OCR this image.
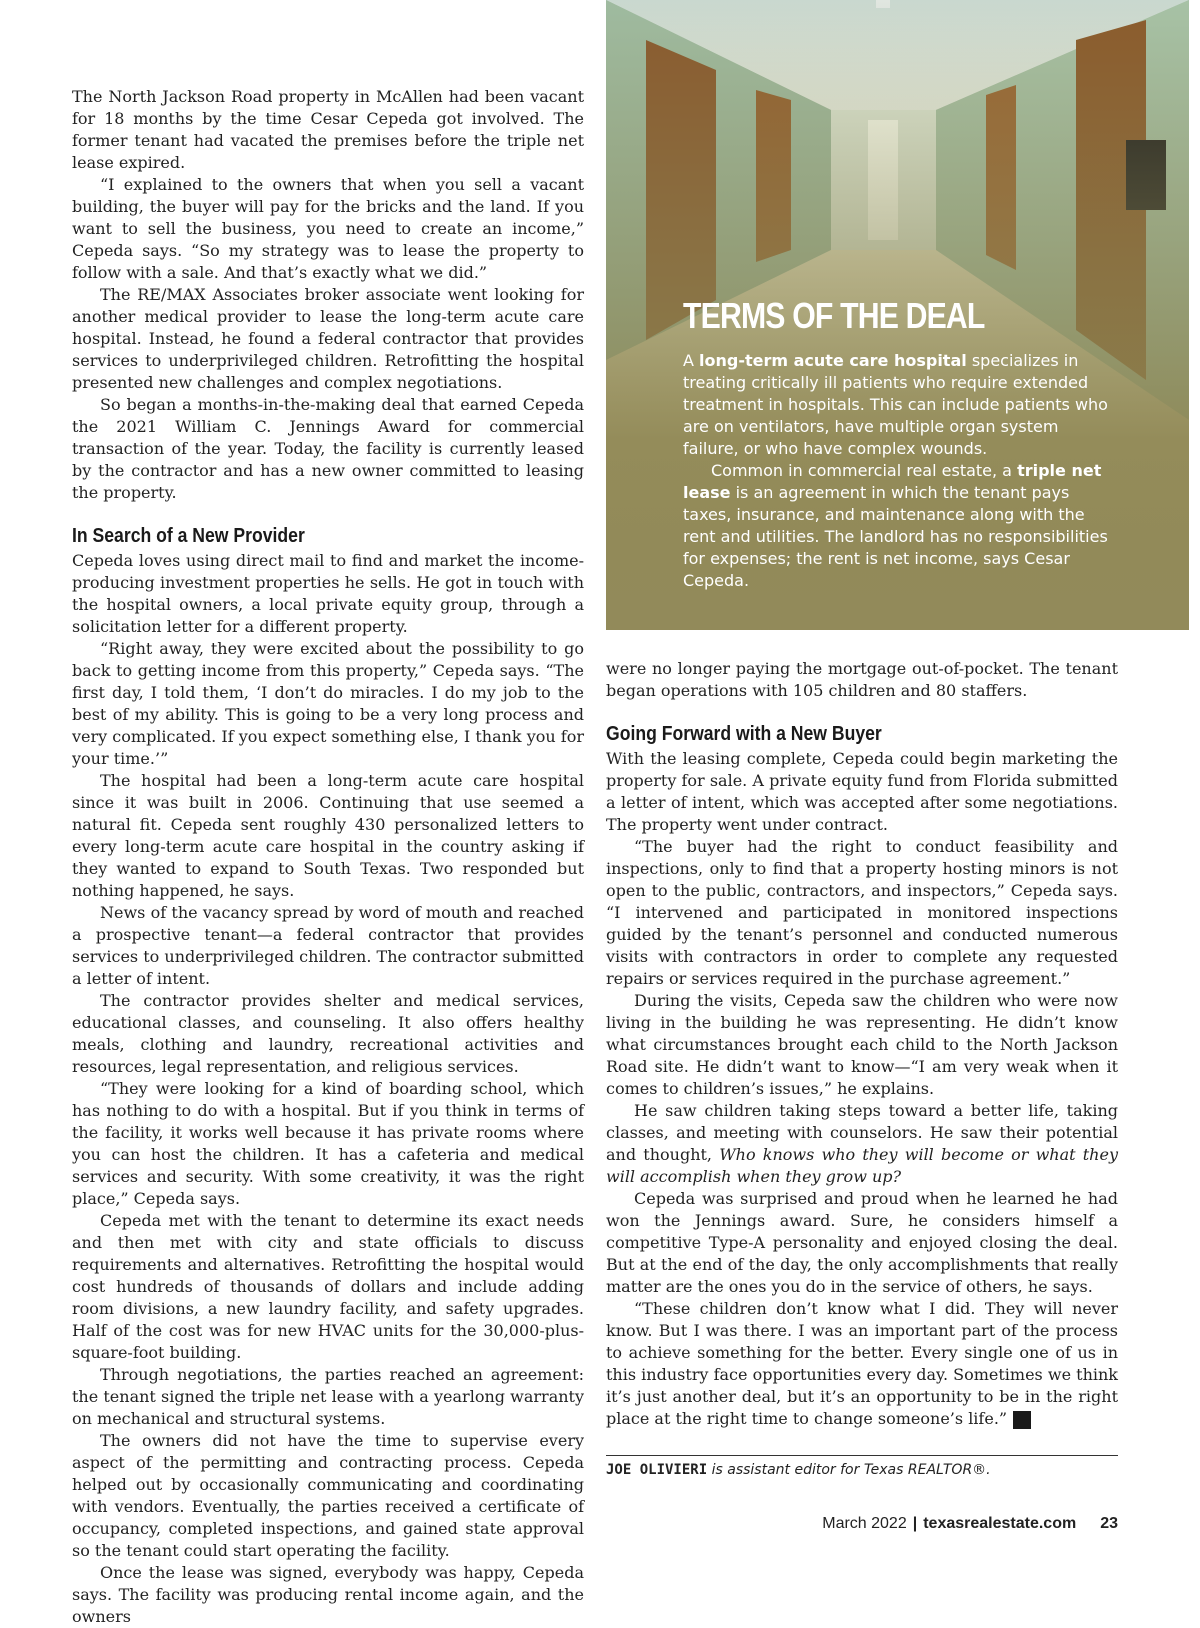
TERMS OF THE DEAL

A long-term acute care hospital specializes in treating critically ill patients who require extended treatment in hospitals. This can include patients who are on ventilators, have multiple organ system failure, or who have complex wounds.

Common in commercial real estate, a triple net lease is an agreement in which the tenant pays taxes, insurance, and maintenance along with the rent and utilities. The landlord has no responsibilities for expenses; the rent is net income, says Cesar Cepeda.

The North Jackson Road property in McAllen had been vacant for 18 months by the time Cesar Cepeda got involved. The former tenant had vacated the premises before the triple net lease expired.

“I explained to the owners that when you sell a vacant building, the buyer will pay for the bricks and the land. If you want to sell the business, you need to create an income,” Cepeda says. “So my strategy was to lease the property to follow with a sale. And that’s exactly what we did.”

The RE/MAX Associates broker associate went looking for another medical provider to lease the long-term acute care hospital. Instead, he found a federal contractor that provides services to underprivileged children. Retrofitting the hospital presented new challenges and complex negotiations.

So began a months-in-the-making deal that earned Cepeda the 2021 William C. Jennings Award for commercial transaction of the year. Today, the facility is currently leased by the contractor and has a new owner committed to leasing the property.

In Search of a New Provider

Cepeda loves using direct mail to find and market the income-producing investment properties he sells. He got in touch with the hospital owners, a local private equity group, through a solicitation letter for a different property.

“Right away, they were excited about the possibility to go back to getting income from this property,” Cepeda says. “The first day, I told them, ‘I don’t do miracles. I do my job to the best of my ability. This is going to be a very long process and very complicated. If you expect something else, I thank you for your time.’”

The hospital had been a long-term acute care hospital since it was built in 2006. Continuing that use seemed a natural fit. Cepeda sent roughly 430 personalized letters to every long-term acute care hospital in the country asking if they wanted to expand to South Texas. Two responded but nothing happened, he says.

News of the vacancy spread by word of mouth and reached a prospective tenant—a federal contractor that provides services to underprivileged children. The contractor submitted a letter of intent.

The contractor provides shelter and medical services, educational classes, and counseling. It also offers healthy meals, clothing and laundry, recreational activities and resources, legal representation, and religious services.

“They were looking for a kind of boarding school, which has nothing to do with a hospital. But if you think in terms of the facility, it works well because it has private rooms where you can host the children. It has a cafeteria and medical services and security. With some creativity, it was the right place,” Cepeda says.

Cepeda met with the tenant to determine its exact needs and then met with city and state officials to discuss requirements and alternatives. Retrofitting the hospital would cost hundreds of thousands of dollars and include adding room divisions, a new laundry facility, and safety upgrades. Half of the cost was for new HVAC units for the 30,000-plus-square-foot building.

Through negotiations, the parties reached an agreement: the tenant signed the triple net lease with a yearlong warranty on mechanical and structural systems.

The owners did not have the time to supervise every aspect of the permitting and contracting process. Cepeda helped out by occasionally communicating and coordinating with vendors. Eventually, the parties received a certificate of occupancy, completed inspections, and gained state approval so the tenant could start operating the facility.

Once the lease was signed, everybody was happy, Cepeda says. The facility was producing rental income again, and the owners

were no longer paying the mortgage out-of-pocket. The tenant began operations with 105 children and 80 staffers.

Going Forward with a New Buyer

With the leasing complete, Cepeda could begin marketing the property for sale. A private equity fund from Florida submitted a letter of intent, which was accepted after some negotiations. The property went under contract.

“The buyer had the right to conduct feasibility and inspections, only to find that a property hosting minors is not open to the public, contractors, and inspectors,” Cepeda says. “I intervened and participated in monitored inspections guided by the tenant’s personnel and conducted numerous visits with contractors in order to complete any requested repairs or services required in the purchase agreement.”

During the visits, Cepeda saw the children who were now living in the building he was representing. He didn’t know what circumstances brought each child to the North Jackson Road site. He didn’t want to know—“I am very weak when it comes to children’s issues,” he explains.

He saw children taking steps toward a better life, taking classes, and meeting with counselors. He saw their potential and thought, Who knows who they will become or what they will accomplish when they grow up?

Cepeda was surprised and proud when he learned he had won the Jennings award. Sure, he considers himself a competitive Type-A personality and enjoyed closing the deal. But at the end of the day, the only accomplishments that really matter are the ones you do in the service of others, he says.

“These children don’t know what I did. They will never know. But I was there. I was an important part of the process to achieve something for the better. Every single one of us in this industry face opportunities every day. Sometimes we think it’s just another deal, but it’s an opportunity to be in the right place at the right time to change someone’s life.”	★

JOE OLIVIERI is assistant editor for Texas REALTOR®.
March 2022 | texasrealestate.com 23
